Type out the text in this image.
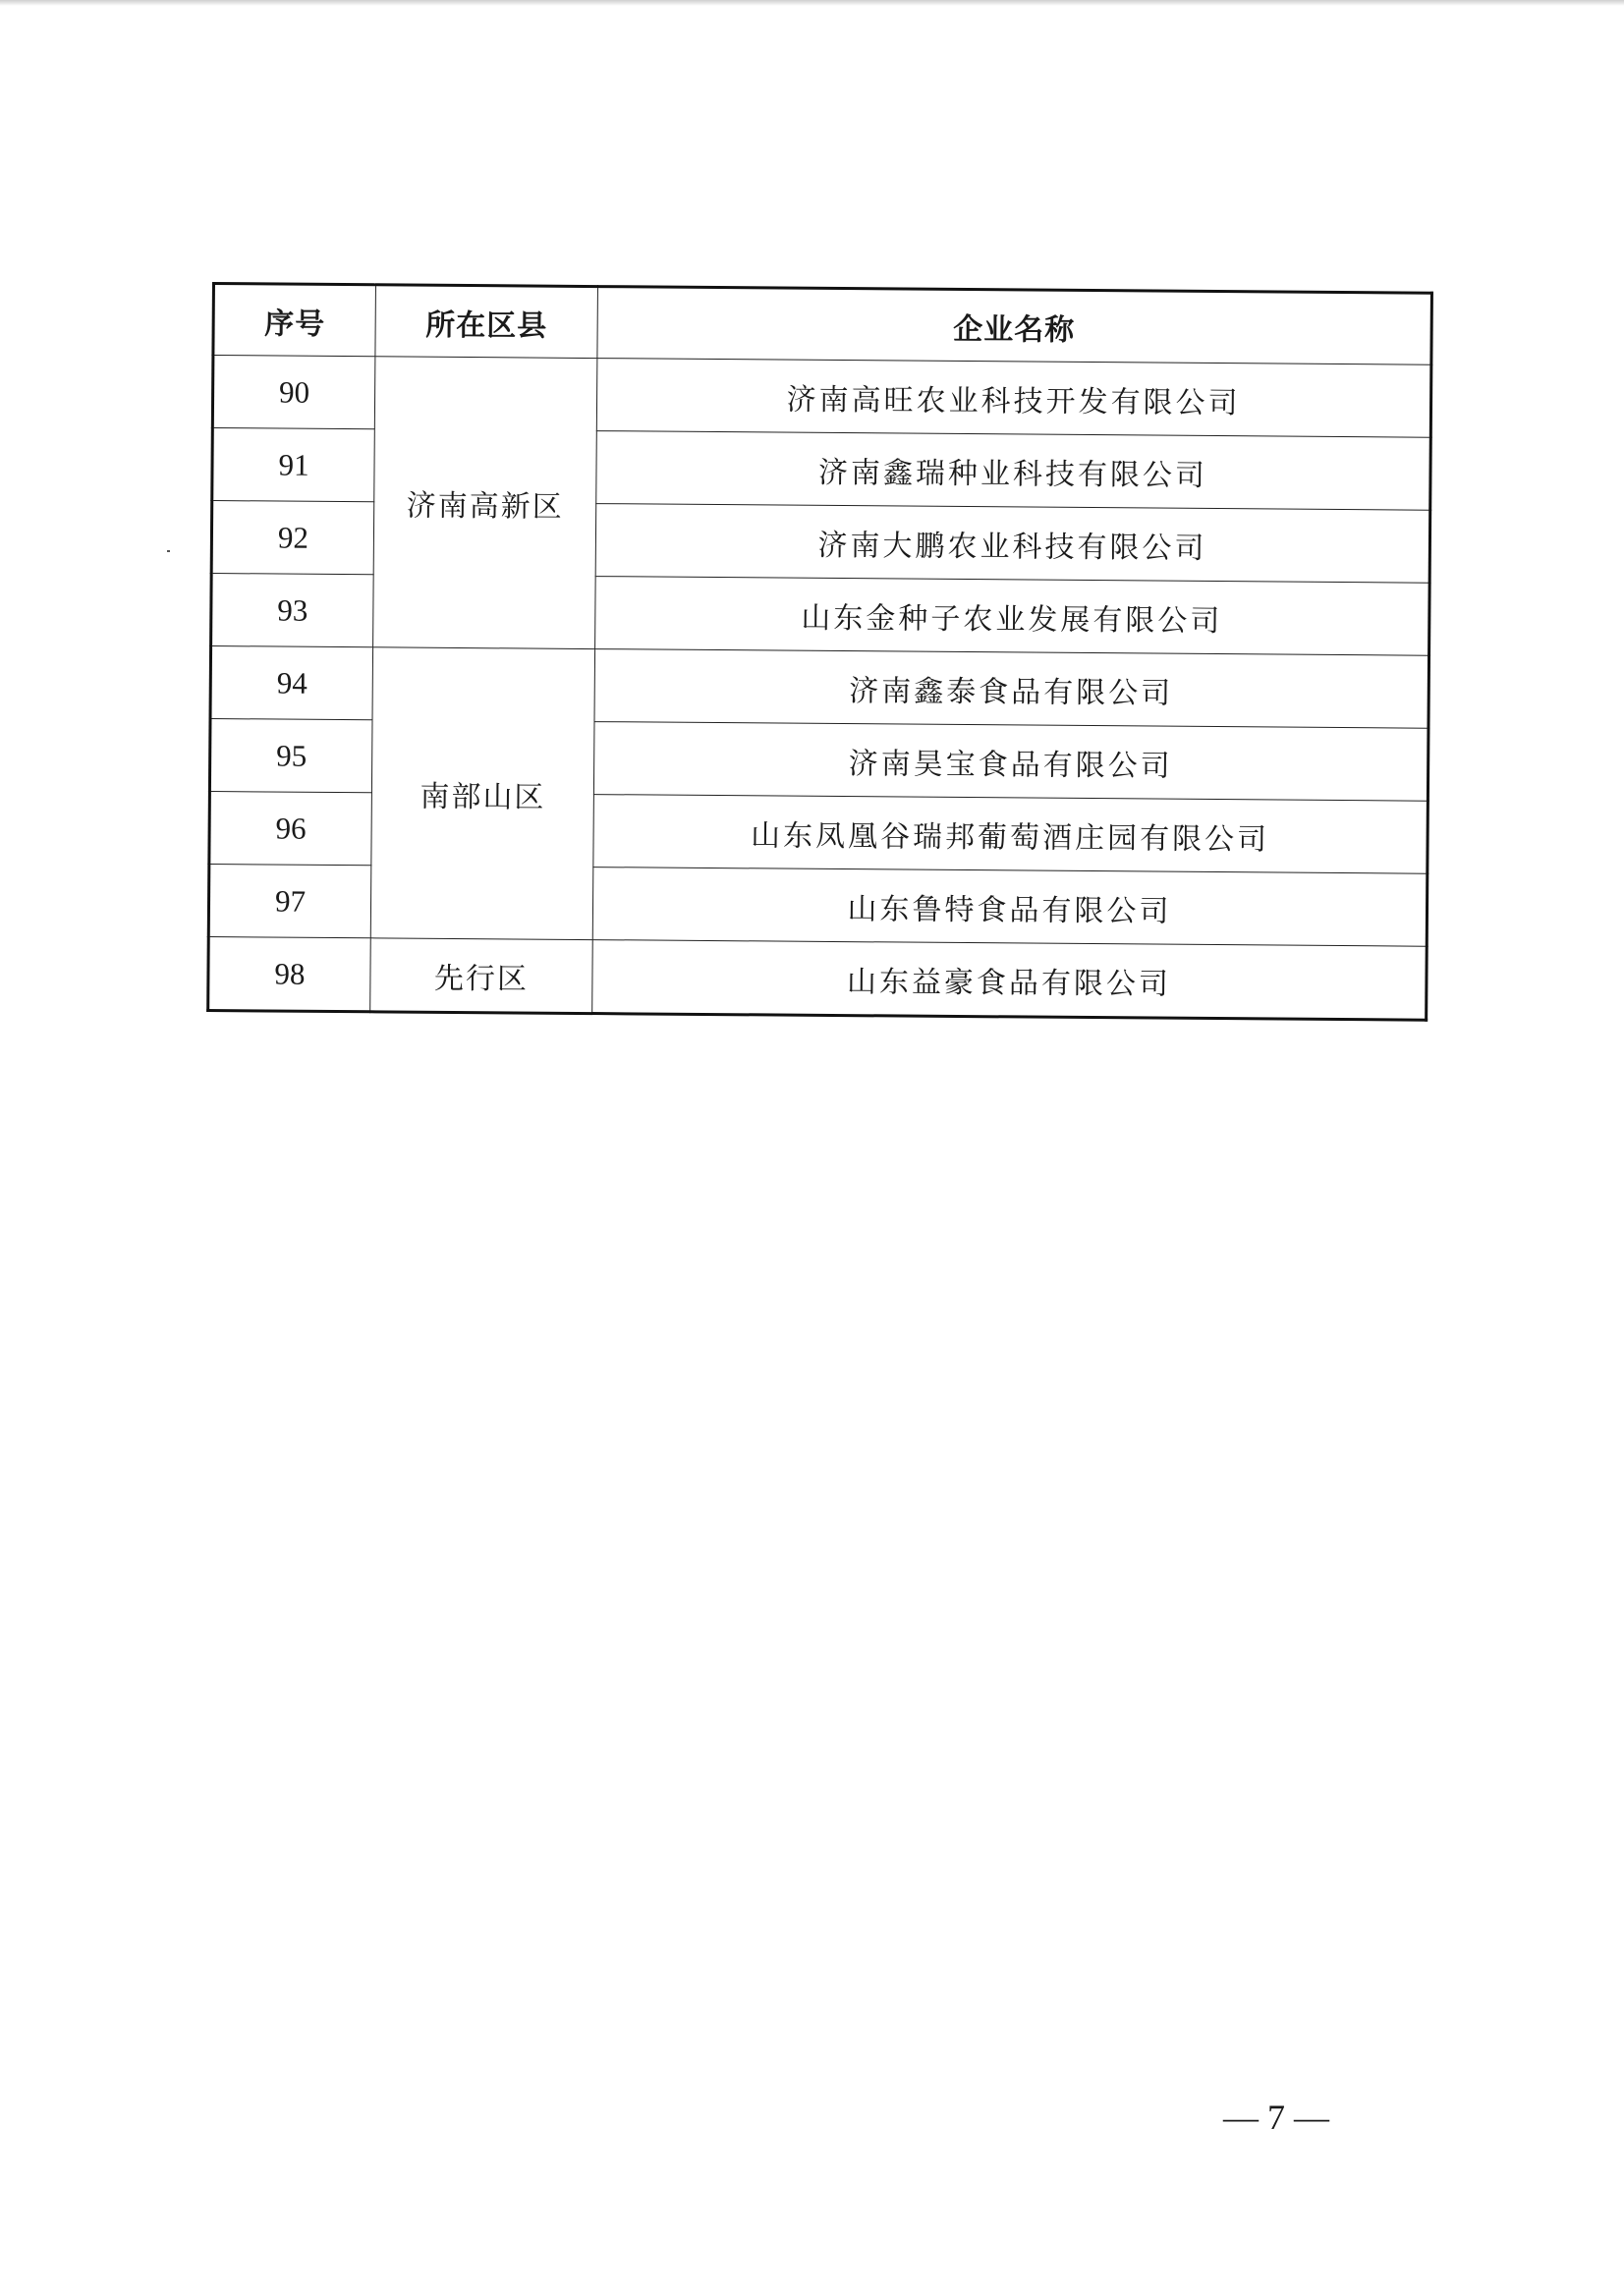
序号	所在区县	企业名称
90	济南高新区	济南高旺农业科技开发有限公司
91		济南鑫瑞种业科技有限公司
92		济南大鹏农业科技有限公司
93		山东金种子农业发展有限公司
94	南部山区	济南鑫泰食品有限公司
95		济南昊宝食品有限公司
96		山东凤凰谷瑞邦葡萄酒庄园有限公司
97		山东鲁特食品有限公司
98	先行区	山东益豪食品有限公司
— 7 —
